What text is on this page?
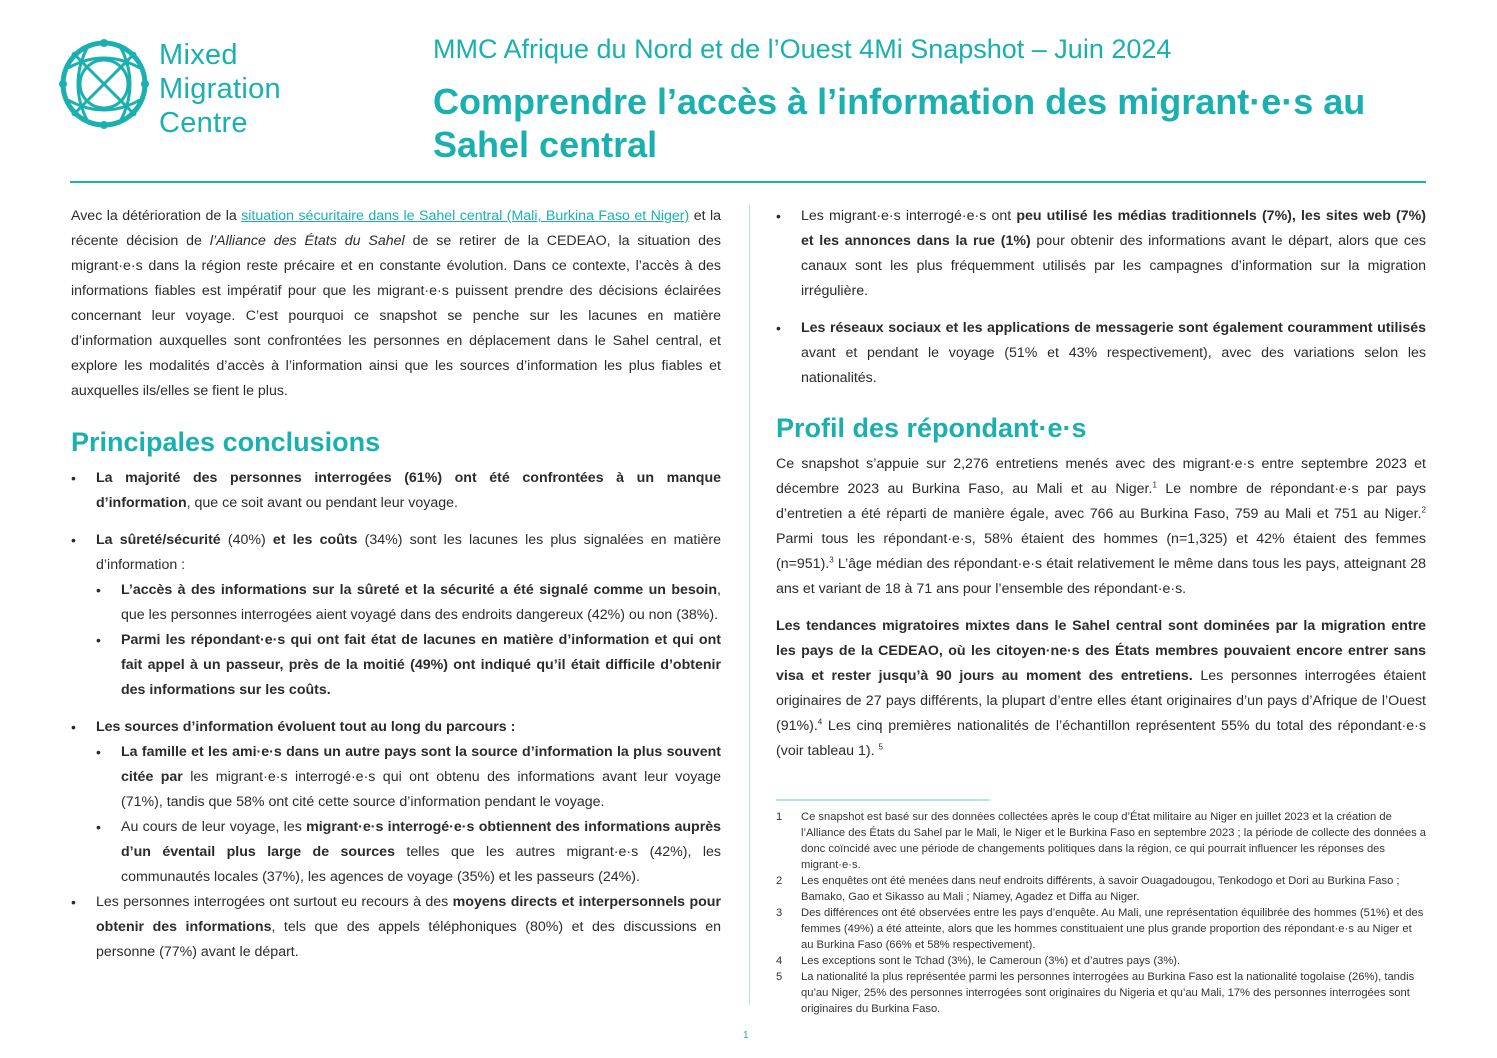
Mixed
Migration
Centre
MMC Afrique du Nord et de l’Ouest 4Mi Snapshot – Juin 2024
Comprendre l’accès à l’information des migrant·e·s au Sahel central

Avec la détérioration de la situation sécuritaire dans le Sahel central (Mali, Burkina Faso et Niger) et la récente décision de l’Alliance des États du Sahel de se retirer de la CEDEAO, la situation des migrant·e·s dans la région reste précaire et en constante évolution. Dans ce contexte, l’accès à des informations fiables est impératif pour que les migrant·e·s puissent prendre des décisions éclairées concernant leur voyage. C’est pourquoi ce snapshot se penche sur les lacunes en matière d’information auxquelles sont confrontées les personnes en déplacement dans le Sahel central, et explore les modalités d’accès à l’information ainsi que les sources d’information les plus fiables et auxquelles ils/elles se fient le plus.

Principales conclusions
• La majorité des personnes interrogées (61%) ont été confrontées à un manque d’information, que ce soit avant ou pendant leur voyage.
• La sûreté/sécurité (40%) et les coûts (34%) sont les lacunes les plus signalées en matière d’information :
• L’accès à des informations sur la sûreté et la sécurité a été signalé comme un besoin, que les personnes interrogées aient voyagé dans des endroits dangereux (42%) ou non (38%).
• Parmi les répondant·e·s qui ont fait état de lacunes en matière d’information et qui ont fait appel à un passeur, près de la moitié (49%) ont indiqué qu’il était difficile d’obtenir des informations sur les coûts.
• Les sources d’information évoluent tout au long du parcours :
• La famille et les ami·e·s dans un autre pays sont la source d’information la plus souvent citée par les migrant·e·s interrogé·e·s qui ont obtenu des informations avant leur voyage (71%), tandis que 58% ont cité cette source d’information pendant le voyage.
• Au cours de leur voyage, les migrant·e·s interrogé·e·s obtiennent des informations auprès d’un éventail plus large de sources telles que les autres migrant·e·s (42%), les communautés locales (37%), les agences de voyage (35%) et les passeurs (24%).
• Les personnes interrogées ont surtout eu recours à des moyens directs et interpersonnels pour obtenir des informations, tels que des appels téléphoniques (80%) et des discussions en personne (77%) avant le départ.
• Les migrant·e·s interrogé·e·s ont peu utilisé les médias traditionnels (7%), les sites web (7%) et les annonces dans la rue (1%) pour obtenir des informations avant le départ, alors que ces canaux sont les plus fréquemment utilisés par les campagnes d’information sur la migration irrégulière.
• Les réseaux sociaux et les applications de messagerie sont également couramment utilisés avant et pendant le voyage (51% et 43% respectivement), avec des variations selon les nationalités.
Profil des répondant·e·s

Ce snapshot s’appuie sur 2,276 entretiens menés avec des migrant·e·s entre septembre 2023 et décembre 2023 au Burkina Faso, au Mali et au Niger.$^1$ Le nombre de répondant·e·s par pays d’entretien a été réparti de manière égale, avec 766 au Burkina Faso, 759 au Mali et 751 au Niger.$^2$ Parmi tous les répondant·e·s, 58% étaient des hommes (n=1,325) et 42% étaient des femmes (n=951).$^3$ L’âge médian des répondant·e·s était relativement le même dans tous les pays, atteignant 28 ans et variant de 18 à 71 ans pour l’ensemble des répondant·e·s.

Les tendances migratoires mixtes dans le Sahel central sont dominées par la migration entre les pays de la CEDEAO, où les citoyen·ne·s des États membres pouvaient encore entrer sans visa et rester jusqu’à 90 jours au moment des entretiens. Les personnes interrogées étaient originaires de 27 pays différents, la plupart d’entre elles étant originaires d’un pays d’Afrique de l’Ouest (91%).$^4$ Les cinq premières nationalités de l’échantillon représentent 55% du total des répondant·e·s (voir tableau 1). $^5$

1 Ce snapshot est basé sur des données collectées après le coup d’État militaire au Niger en juillet 2023 et la création de l’Alliance des États du Sahel par le Mali, le Niger et le Burkina Faso en septembre 2023 ; la période de collecte des données a donc coïncidé avec une période de changements politiques dans la région, ce qui pourrait influencer les réponses des migrant·e·s.
2 Les enquêtes ont été menées dans neuf endroits différents, à savoir Ouagadougou, Tenkodogo et Dori au Burkina Faso ; Bamako, Gao et Sikasso au Mali ; Niamey, Agadez et Diffa au Niger.
3 Des différences ont été observées entre les pays d’enquête. Au Mali, une représentation équilibrée des hommes (51%) et des femmes (49%) a été atteinte, alors que les hommes constituaient une plus grande proportion des répondant·e·s au Niger et au Burkina Faso (66% et 58% respectivement).
4 Les exceptions sont le Tchad (3%), le Cameroun (3%) et d’autres pays (3%).
5 La nationalité la plus représentée parmi les personnes interrogées au Burkina Faso est la nationalité togolaise (26%), tandis qu’au Niger, 25% des personnes interrogées sont originaires du Nigeria et qu’au Mali, 17% des personnes interrogées sont originaires du Burkina Faso.
1
